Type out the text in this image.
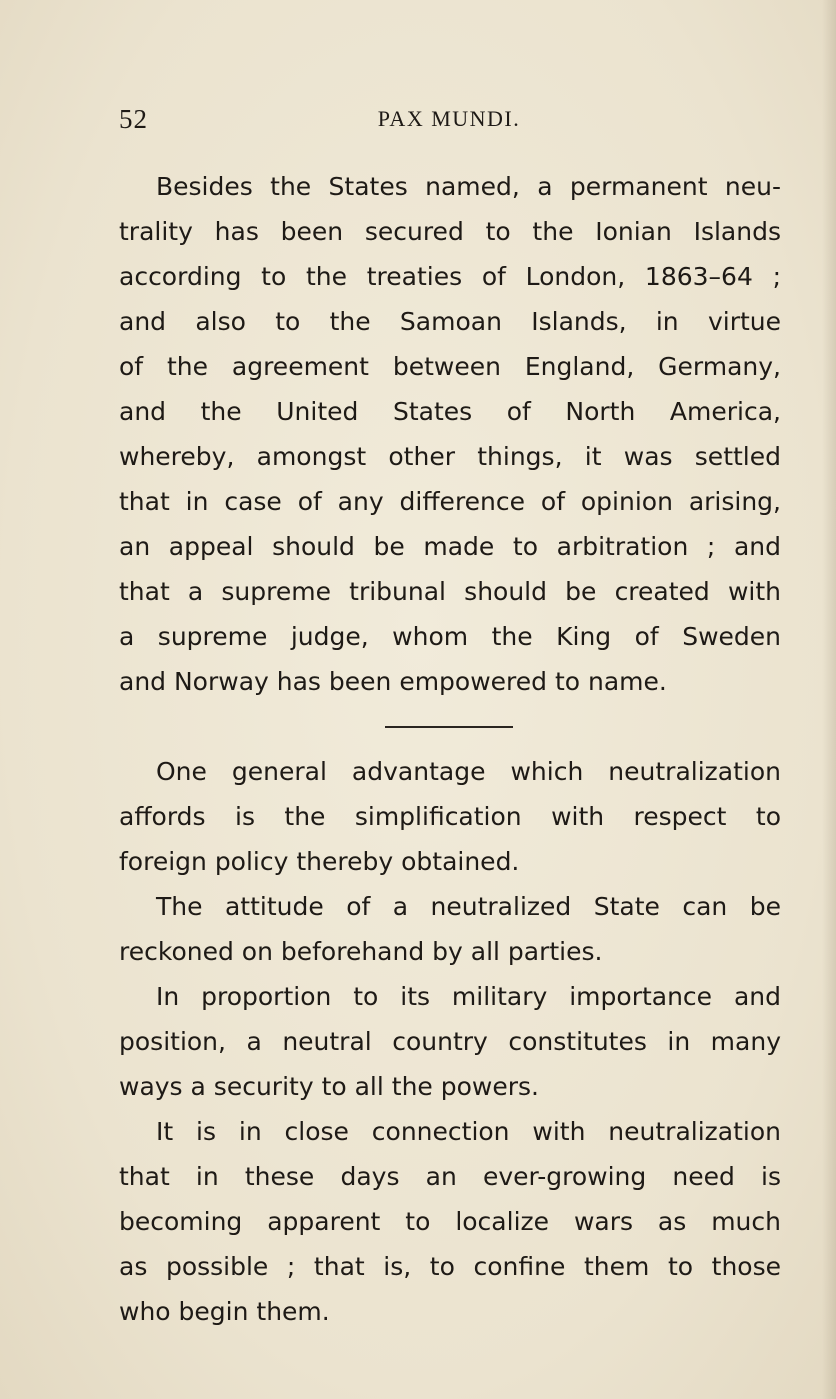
52	PAX MUNDI.
Besides the States named, a permanent neu-
trality has been secured to the Ionian Islands
according to the treaties of London, 1863–64 ;
and also to the Samoan Islands, in virtue
of the agreement between England, Germany,
and the United States of North America,
whereby, amongst other things, it was settled
that in case of any difference of opinion arising,
an appeal should be made to arbitration ; and
that a supreme tribunal should be created with
a supreme judge, whom the King of Sweden
and Norway has been empowered to name.
One general advantage which neutralization
affords is the simplification with respect to
foreign policy thereby obtained.
The attitude of a neutralized State can be
reckoned on beforehand by all parties.
In proportion to its military importance and
position, a neutral country constitutes in many
ways a security to all the powers.
It is in close connection with neutralization
that in these days an ever-growing need is
becoming apparent to localize wars as much
as possible ; that is, to confine them to those
who begin them.
